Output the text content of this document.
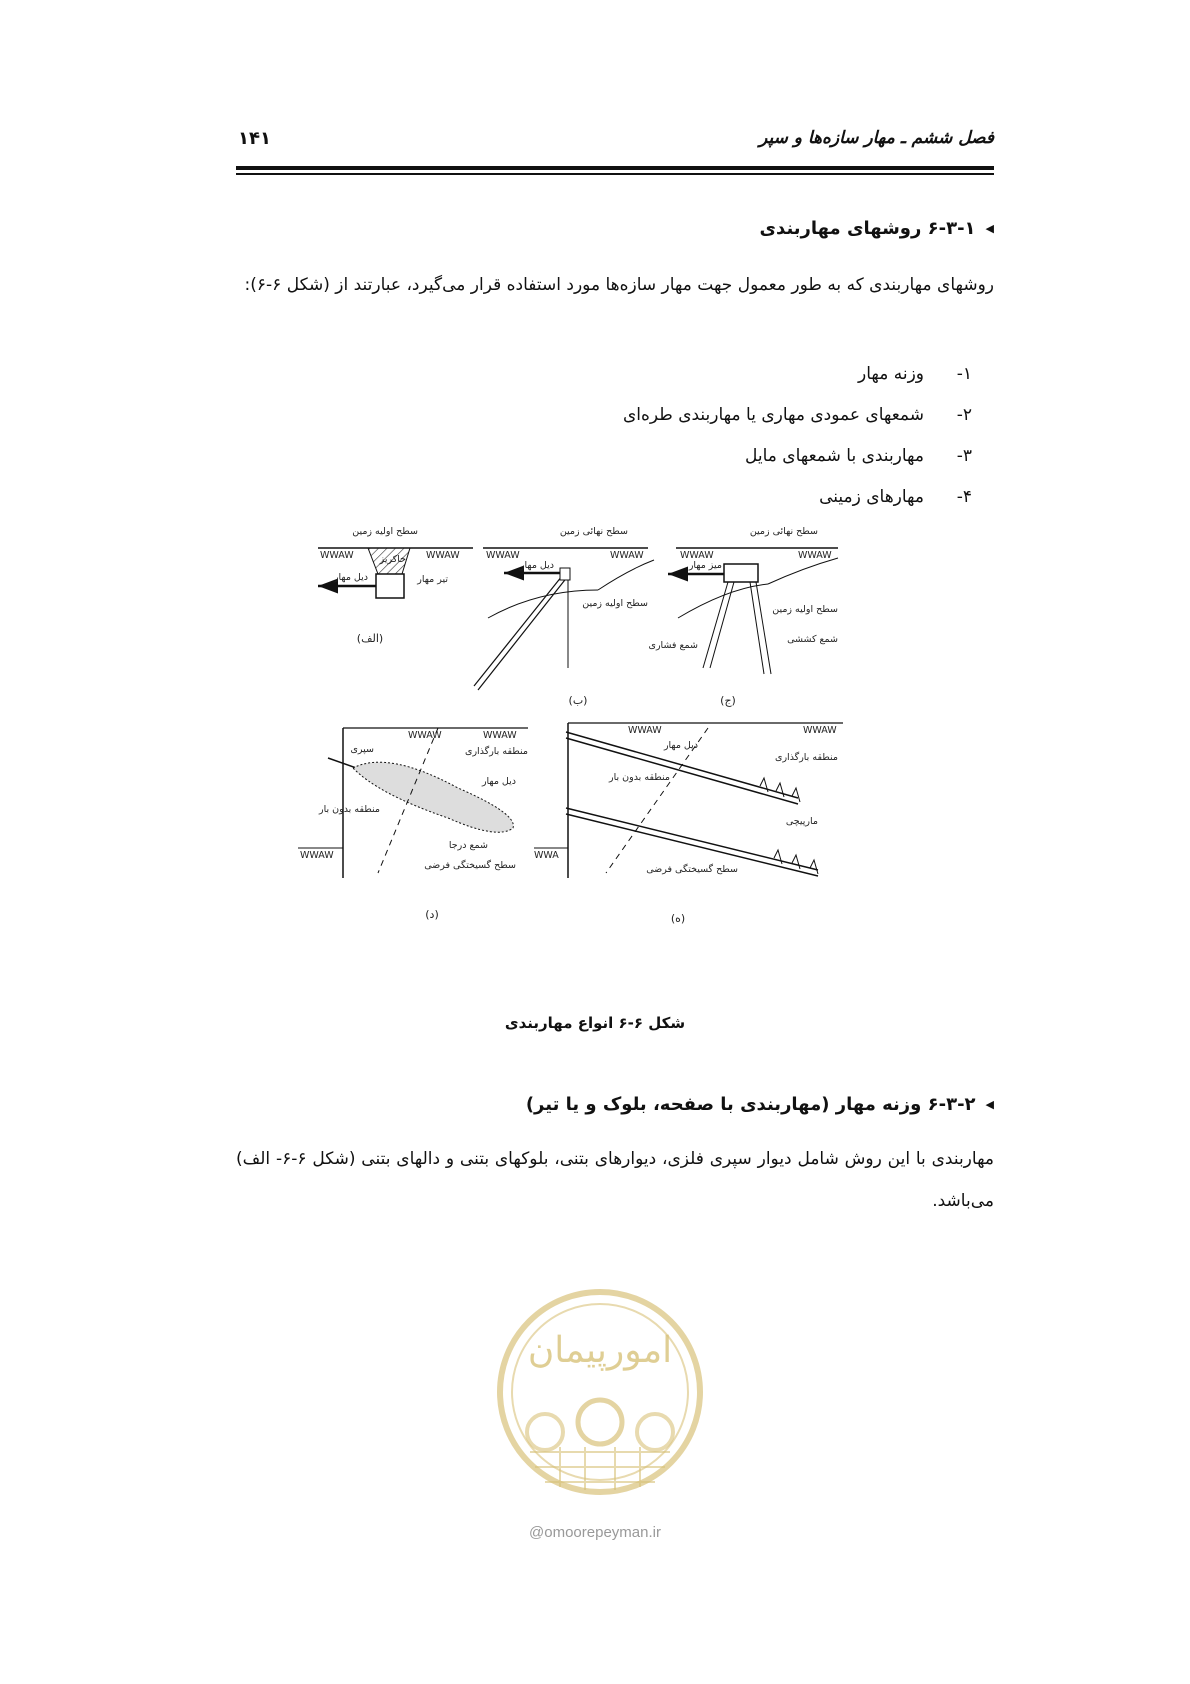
فصل ششم ـ مهار سازه‌ها و سپر
۱۴۱
◀
۶-۳-۱ روشهای مهاربندی
روشهای مهاربندی که به طور معمول جهت مهار سازه‌ها مورد استفاده قرار می‌گیرد، عبارتند از (شکل ۶-۶):
۱-
وزنه مهار
۲-
شمعهای عمودی مهاری یا مهاربندی طره‌ای
۳-
مهاربندی با شمعهای مایل
۴-
مهارهای زمینی
WWAW	WWAW
سطح اولیه زمین
خاکریز
تیر مهار
دیل مهار
(الف)
WWAW	WWAW
سطح نهائی زمین
دیل مهار
سطح اولیه زمین
(ب)
WWAW	WWAW
سطح نهائی زمین
میز مهار
سطح اولیه زمین
شمع کششی
شمع فشاری
(ج)
WWAW	WWAW
WWAW
سپری	منطقه بارگذاری
دیل مهار
منطقه بدون بار
شمع درجا
سطح گسیختگی فرضی
(د)
WWAW	WWAW
WWA
دیل مهار
منطقه بارگذاری
منطقه بدون بار
مارپیچی
سطح گسیختگی فرضی
(ه)
شکل ۶-۶ انواع مهاربندی
◀
۶-۳-۲ وزنه مهار (مهاربندی با صفحه، بلوک و یا تیر)
مهاربندی با این روش شامل دیوار سپری فلزی، دیوارهای بتنی، بلوکهای بتنی و دالهای بتنی (شکل ۶-۶- الف) می‌باشد.
امورپیمان
@omoorepeyman.ir
